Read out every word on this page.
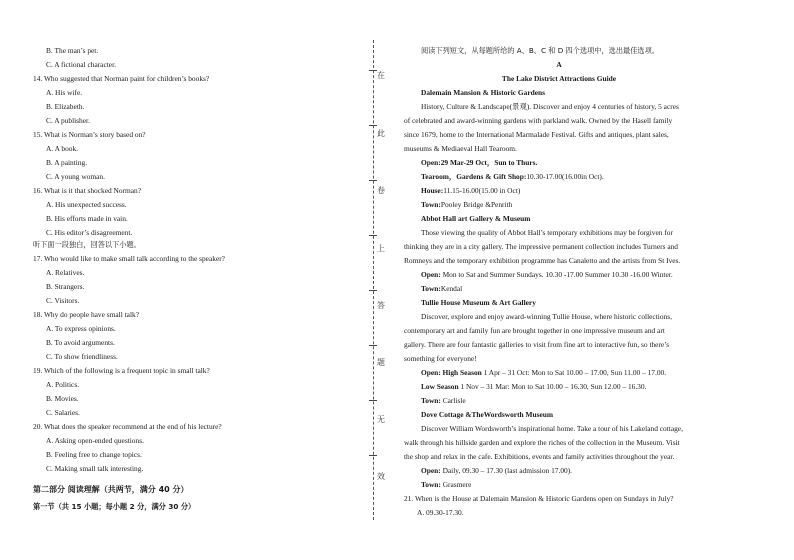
B. The man’s pet.
C. A fictional character.
14. Who suggested that Norman paint for children’s books?
A. His wife.
B. Elizabeth.
C. A publisher.
15. What is Norman’s story based on?
A. A book.
B. A painting.
C. A young woman.
16. What is it that shocked Norman?
A. His unexpected success.
B. His efforts made in vain.
C. His editor’s disagreement.
听下面一段独白，回答以下小题。
17. Who would like to make small talk according to the speaker?
A. Relatives.
B. Strangers.
C. Visitors.
18. Why do people have small talk?
A. To express opinions.
B. To avoid arguments.
C. To show friendliness.
19. Which of the following is a frequent topic in small talk?
A. Politics.
B. Movies.
C. Salaries.
20. What does the speaker recommend at the end of his lecture?
A. Asking open-ended questions.
B. Feeling free to change topics.
C. Making small talk interesting.
第二部分 阅读理解（共两节，满分 40 分）
第一节（共 15 小题；每小题 2 分，满分 30 分）
在
此
卷
上
答
题
无
效
阅读下列短文，从每题所给的 A、B、C 和 D 四个选项中，选出最佳选项。
A
The Lake District Attractions Guide
Dalemain Mansion & Historic Gardens
History, Culture & Landscape(景观). Discover and enjoy 4 centuries of history, 5 acres
of celebrated and award-winning gardens with parkland walk. Owned by the Hasell family
since 1679, home to the International Marmalade Festival. Gifts and antiques, plant sales,
museums & Mediaeval Hall Tearoom.
Open:29 Mar-29 Oct，Sun to Thurs.
Tearoom，Gardens & Gift Shop:10.30-17.00(16.00in Oct).
House:11.15-16.00(15.00 in Oct)
Town:Pooley Bridge &Penrith
Abbot Hall art Gallery & Museum
Those viewing the quality of Abbot Hall’s temporary exhibitions may be forgiven for
thinking they are in a city gallery. The impressive permanent collection includes Turners and
Romneys and the temporary exhibition programme has Canaletto and the artists from St Ives.
Open: Mon to Sat and Summer Sundays. 10.30 -17.00 Summer 10.30 -16.00 Winter.
Town:Kendal
Tullie House Museum & Art Gallery
Discover, explore and enjoy award-winning Tullie House, where historic collections,
contemporary art and family fun are brought together in one impressive museum and art
gallery. There are four fantastic galleries to visit from fine art to interactive fun, so there’s
something for everyone!
Open: High Season 1 Apr – 31 Oct: Mon to Sat 10.00 – 17.00, Sun 11.00 – 17.00.
Low Season 1 Nov – 31 Mar: Mon to Sat 10.00 – 16.30, Sun 12.00 – 16.30.
Town: Carlisle
Dove Cottage &TheWordsworth Museum
Discover William Wordsworth’s inspirational home. Take a tour of his Lakeland cottage,
walk through his hillside garden and explore the riches of the collection in the Museum. Visit
the shop and relax in the cafe. Exhibitions, events and family activities throughout the year.
Open: Daily, 09.30 – 17.30 (last admission 17.00).
Town: Grasmere
21. When is the House at Dalemain Mansion & Historic Gardens open on Sundays in July?
A. 09.30-17.30.
